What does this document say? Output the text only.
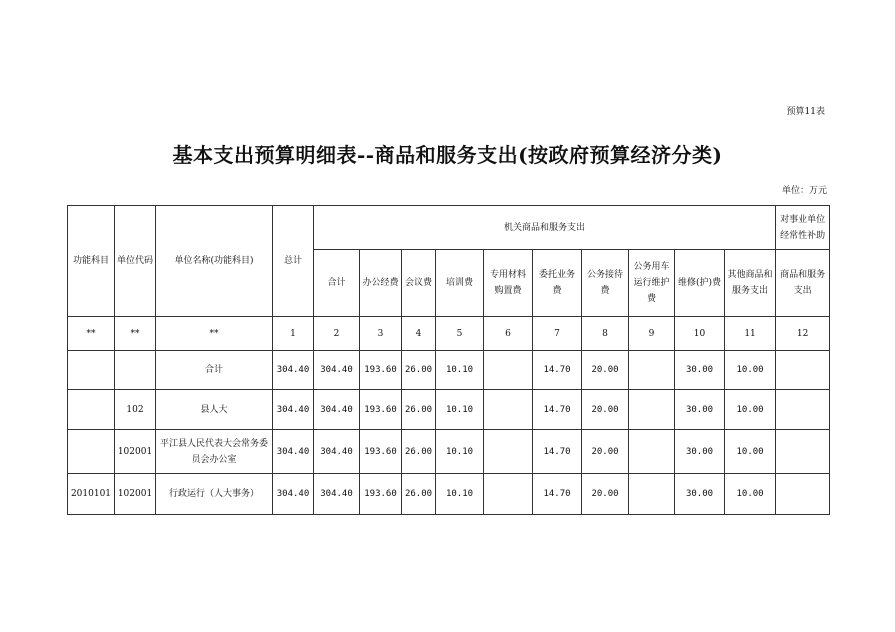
预算11表
基本支出预算明细表--商品和服务支出(按政府预算经济分类)
单位：万元
功能科目	单位代码	单位名称(功能科目)	总计	机关商品和服务支出										对事业单位经常性补助
				合计	办公经费	会议费	培训费	专用材料购置费	委托业务费	公务接待费	公务用车运行维护费	维修(护)费	其他商品和服务支出	商品和服务支出
**	**	**	1	2	3	4	5	6	7	8	9	10	11	12
		合计	304.40	304.40	193.60	26.00	10.10		14.70	20.00		30.00	10.00	
	102	县人大	304.40	304.40	193.60	26.00	10.10		14.70	20.00		30.00	10.00	
	102001	平江县人民代表大会常务委员会办公室	304.40	304.40	193.60	26.00	10.10		14.70	20.00		30.00	10.00	
2010101	102001	行政运行（人大事务）	304.40	304.40	193.60	26.00	10.10		14.70	20.00		30.00	10.00	
